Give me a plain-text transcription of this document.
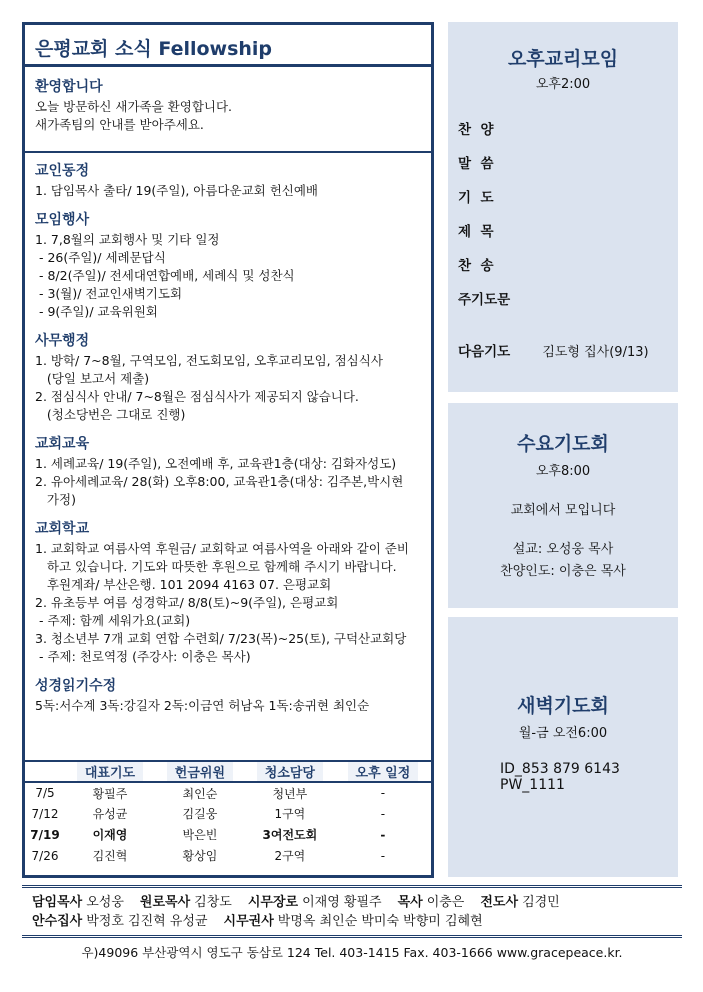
은평교회 소식 Fellowship
환영합니다
오늘 방문하신 새가족을 환영합니다.
새가족팀의 안내를 받아주세요.
교인동정
1. 담임목사 출타/ 19(주일), 아름다운교회 헌신예배
모임행사
1. 7,8월의 교회행사 및 기타 일정
- 26(주일)/ 세례문답식
- 8/2(주일)/ 전세대연합예배, 세례식 및 성찬식
- 3(월)/ 전교인새벽기도회
- 9(주일)/ 교육위원회
사무행정
1. 방학/ 7~8월, 구역모임, 전도회모임, 오후교리모임, 점심식사
(당일 보고서 제출)
2. 점심식사 안내/ 7~8월은 점심식사가 제공되지 않습니다.
(청소당번은 그대로 진행)
교회교육
1. 세례교육/ 19(주일), 오전예배 후, 교육관1층(대상: 김화자성도)
2. 유아세례교육/ 28(화) 오후8:00, 교육관1층(대상: 김주본,박시현
가정)
교회학교
1. 교회학교 여름사역 후원금/ 교회학교 여름사역을 아래와 같이 준비
하고 있습니다. 기도와 따뜻한 후원으로 함께해 주시기 바랍니다.
후원계좌/ 부산은행. 101 2094 4163 07. 은평교회
2. 유초등부 여름 성경학교/ 8/8(토)~9(주일), 은평교회
- 주제: 함께 세워가요(교회)
3. 청소년부 7개 교회 연합 수련회/ 7/23(목)~25(토), 구덕산교회당
- 주제: 천로역정 (주강사: 이충은 목사)
성경읽기수정
5독:서수계 3독:강길자 2독:이금연 허남옥 1독:송귀현 최인순
	대표기도	헌금위원	청소담당	오후 일정
7/5	황필주	최인순	청년부	-
7/12	유성균	김길웅	1구역	-
7/19	이재영	박은빈	3여전도회	-
7/26	김진혁	황상임	2구역	-
오후교리모임
오후2:00
찬  양
말  씀
기  도
제  목
찬  송
주기도문
다음기도 김도형 집사(9/13)
수요기도회
오후8:00
교회에서 모입니다
설교: 오성웅 목사
찬양인도: 이충은 목사
새벽기도회
월-금 오전6:00
ID_853 879 6143
PW_1111
담임목사 오성웅 원로목사 김창도 시무장로 이재영 황필주 목사 이충은 전도사 김경민
안수집사 박정호 김진혁 유성균 시무권사 박명옥 최인순 박미숙 박향미 김혜현
우)49096 부산광역시 영도구 동삼로 124 Tel. 403-1415 Fax. 403-1666 www.gracepeace.kr.
